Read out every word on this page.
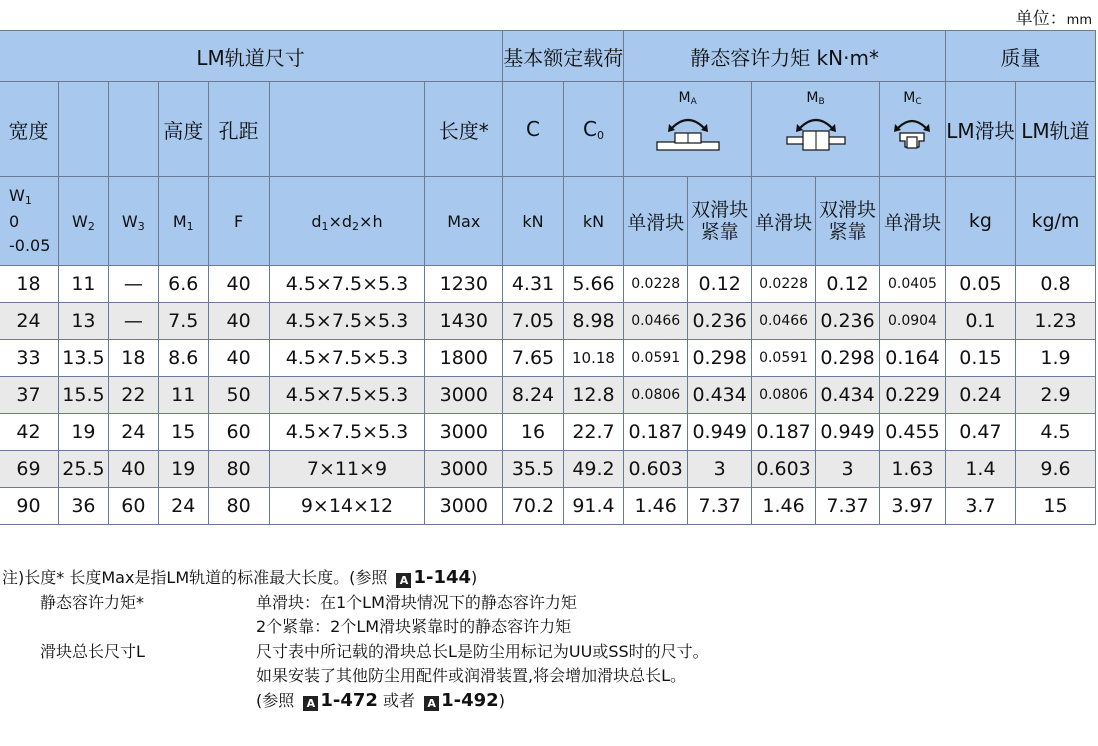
单位：mm
LM轨道尺寸							基本额定载荷		静态容许力矩 kN·m*					质量	
宽度			高度	孔距		长度*	C	C0	MA		MB		MC	LM滑块	LM轨道

W1
0
-0.05	W2	W3	M1	F	d1×d2×h	Max	kN	kN	单滑块	双滑块紧靠	单滑块	双滑块紧靠	单滑块	kg	kg/m
18	11	—	6.6	40	4.5×7.5×5.3	1230	4.31	5.66	0.0228	0.12	0.0228	0.12	0.0405	0.05	0.8
24	13	—	7.5	40	4.5×7.5×5.3	1430	7.05	8.98	0.0466	0.236	0.0466	0.236	0.0904	0.1	1.23
33	13.5	18	8.6	40	4.5×7.5×5.3	1800	7.65	10.18	0.0591	0.298	0.0591	0.298	0.164	0.15	1.9
37	15.5	22	11	50	4.5×7.5×5.3	3000	8.24	12.8	0.0806	0.434	0.0806	0.434	0.229	0.24	2.9
42	19	24	15	60	4.5×7.5×5.3	3000	16	22.7	0.187	0.949	0.187	0.949	0.455	0.47	4.5
69	25.5	40	19	80	7×11×9	3000	35.5	49.2	0.603	3	0.603	3	1.63	1.4	9.6
90	36	60	24	80	9×14×12	3000	70.2	91.4	1.46	7.37	1.46	7.37	3.97	3.7	15
注)长度* 长度Max是指LM轨道的标准最大长度。(参照 A 1-144)
静态容许力矩*	单滑块：在1个LM滑块情况下的静态容许力矩
2个紧靠：2个LM滑块紧靠时的静态容许力矩
滑块总长尺寸L	尺寸表中所记载的滑块总长L是防尘用标记为UU或SS时的尺寸。
如果安装了其他防尘用配件或润滑装置,将会增加滑块总长L。
(参照 A 1-472 或者 A 1-492)
